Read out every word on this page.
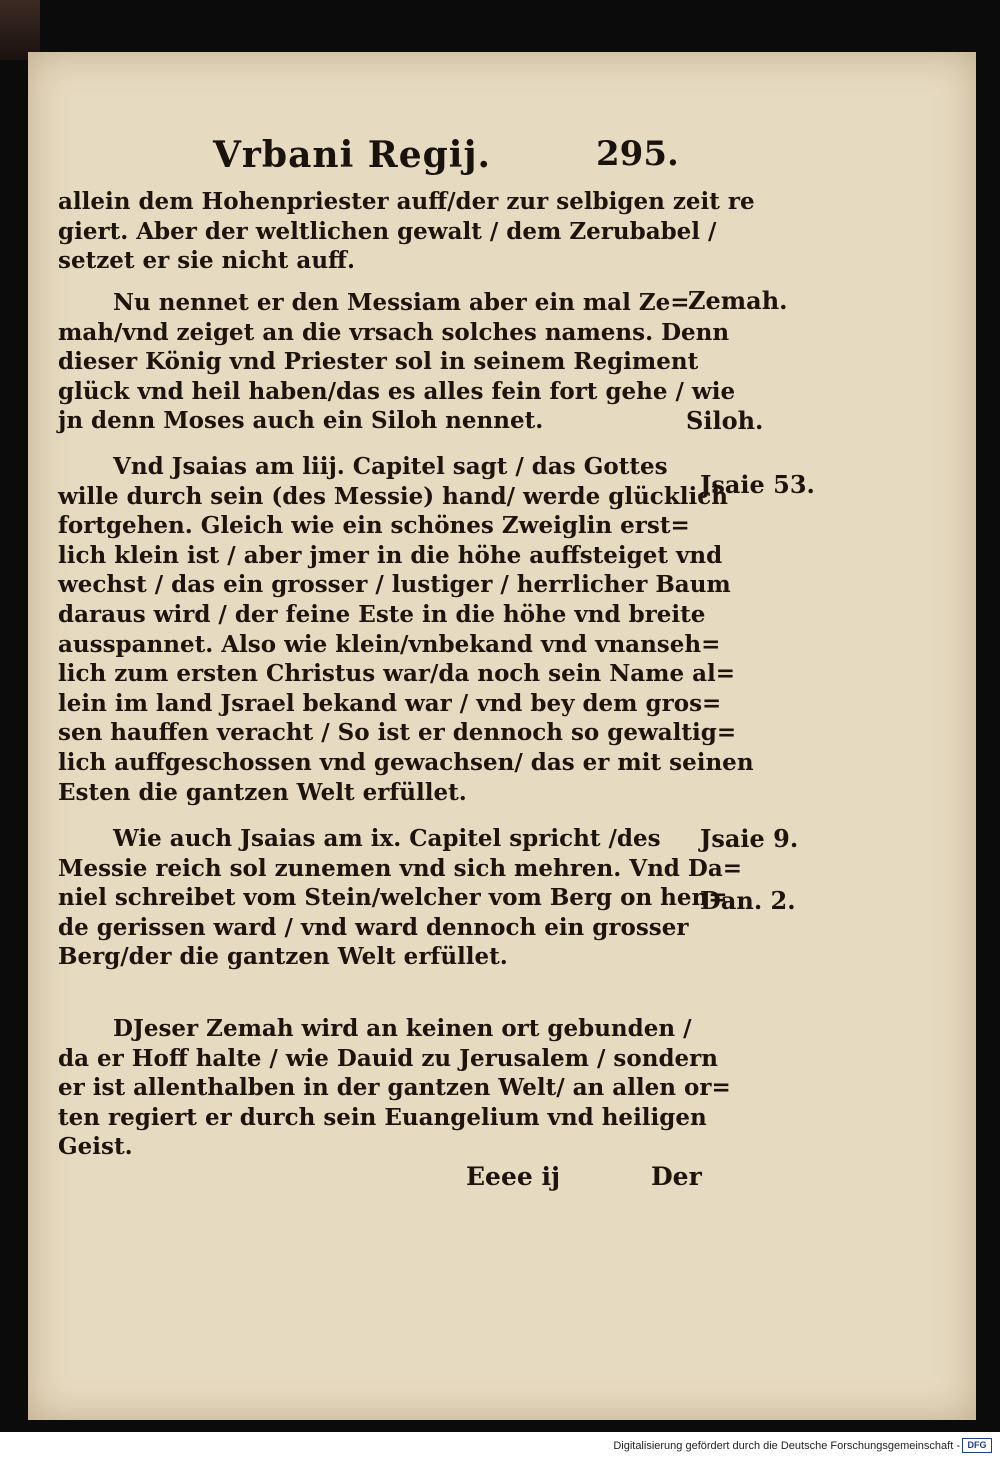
Vrbani Regij.	295.
allein dem Hohenpriester auff/der zur selbigen zeit re
giert. Aber der weltlichen gewalt / dem Zerubabel /
setzet er sie nicht auff.
Nu nennet er den Messiam aber ein mal Ze=
mah/vnd zeiget an die vrsach solches namens. Denn
dieser König vnd Priester sol in seinem Regiment
glück vnd heil haben/das es alles fein fort gehe / wie
jn denn Moses auch ein Siloh nennet.
Vnd Jsaias am liij. Capitel sagt / das Gottes
wille durch sein (des Messie) hand/ werde glücklich
fortgehen. Gleich wie ein schönes Zweiglin erst=
lich klein ist / aber jmer in die höhe auffsteiget vnd
wechst / das ein grosser / lustiger / herrlicher Baum
daraus wird / der feine Este in die höhe vnd breite
ausspannet. Also wie klein/vnbekand vnd vnanseh=
lich zum ersten Christus war/da noch sein Name al=
lein im land Jsrael bekand war / vnd bey dem gros=
sen hauffen veracht / So ist er dennoch so gewaltig=
lich auffgeschossen vnd gewachsen/ das er mit seinen
Esten die gantzen Welt erfüllet.
Wie auch Jsaias am ix. Capitel spricht /des
Messie reich sol zunemen vnd sich mehren. Vnd Da=
niel schreibet vom Stein/welcher vom Berg on hen=
de gerissen ward / vnd ward dennoch ein grosser
Berg/der die gantzen Welt erfüllet.
DJeser Zemah wird an keinen ort gebunden /
da er Hoff halte / wie Dauid zu Jerusalem / sondern
er ist allenthalben in der gantzen Welt/ an allen or=
ten regiert er durch sein Euangelium vnd heiligen
Geist.
Zemah.
Siloh.
Jsaie 53.
Jsaie 9.
Dan. 2.
Eeee ij	Der
Digitalisierung gefördert durch die Deutsche Forschungsgemeinschaft - DFG
